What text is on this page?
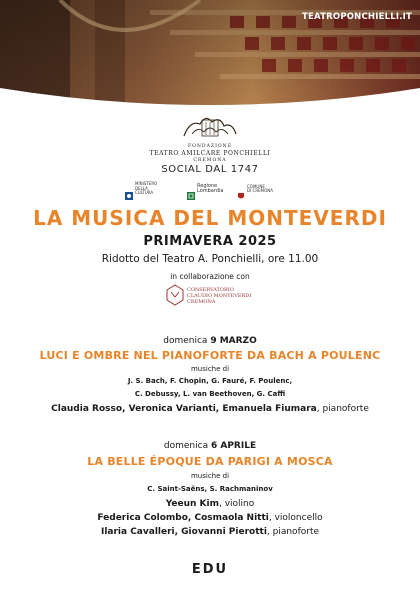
TEATROPONCHIELLI.IT
FONDAZIONE
TEATRO AMILCARE PONCHIELLI
CREMONA
SOCIAL DAL 1747
MINISTERO
DELLA
CULTURA
Regione
Lombardia
COMUNE
DI CREMONA
LA MUSICA DEL MONTEVERDI
PRIMAVERA 2025
Ridotto del Teatro A. Ponchielli, ore 11.00
in collaborazione con
CONSERVATORIO
CLAUDIO MONTEVERDI
CREMONA
domenica 9 MARZO
LUCI E OMBRE NEL PIANOFORTE DA BACH A POULENC
musiche di
J. S. Bach, F. Chopin, G. Fauré, F. Poulenc,
C. Debussy, L. van Beethoven, G. Caffi
Claudia Rosso, Veronica Varianti, Emanuela Fiumara, pianoforte
domenica 6 APRILE
LA BELLE ÉPOQUE DA PARIGI A MOSCA
musiche di
C. Saint-Saëns, S. Rachmaninov
Yeeun Kim, violino
Federica Colombo, Cosmaola Nitti, violoncello
Ilaria Cavalleri, Giovanni Pierotti, pianoforte
EDU
